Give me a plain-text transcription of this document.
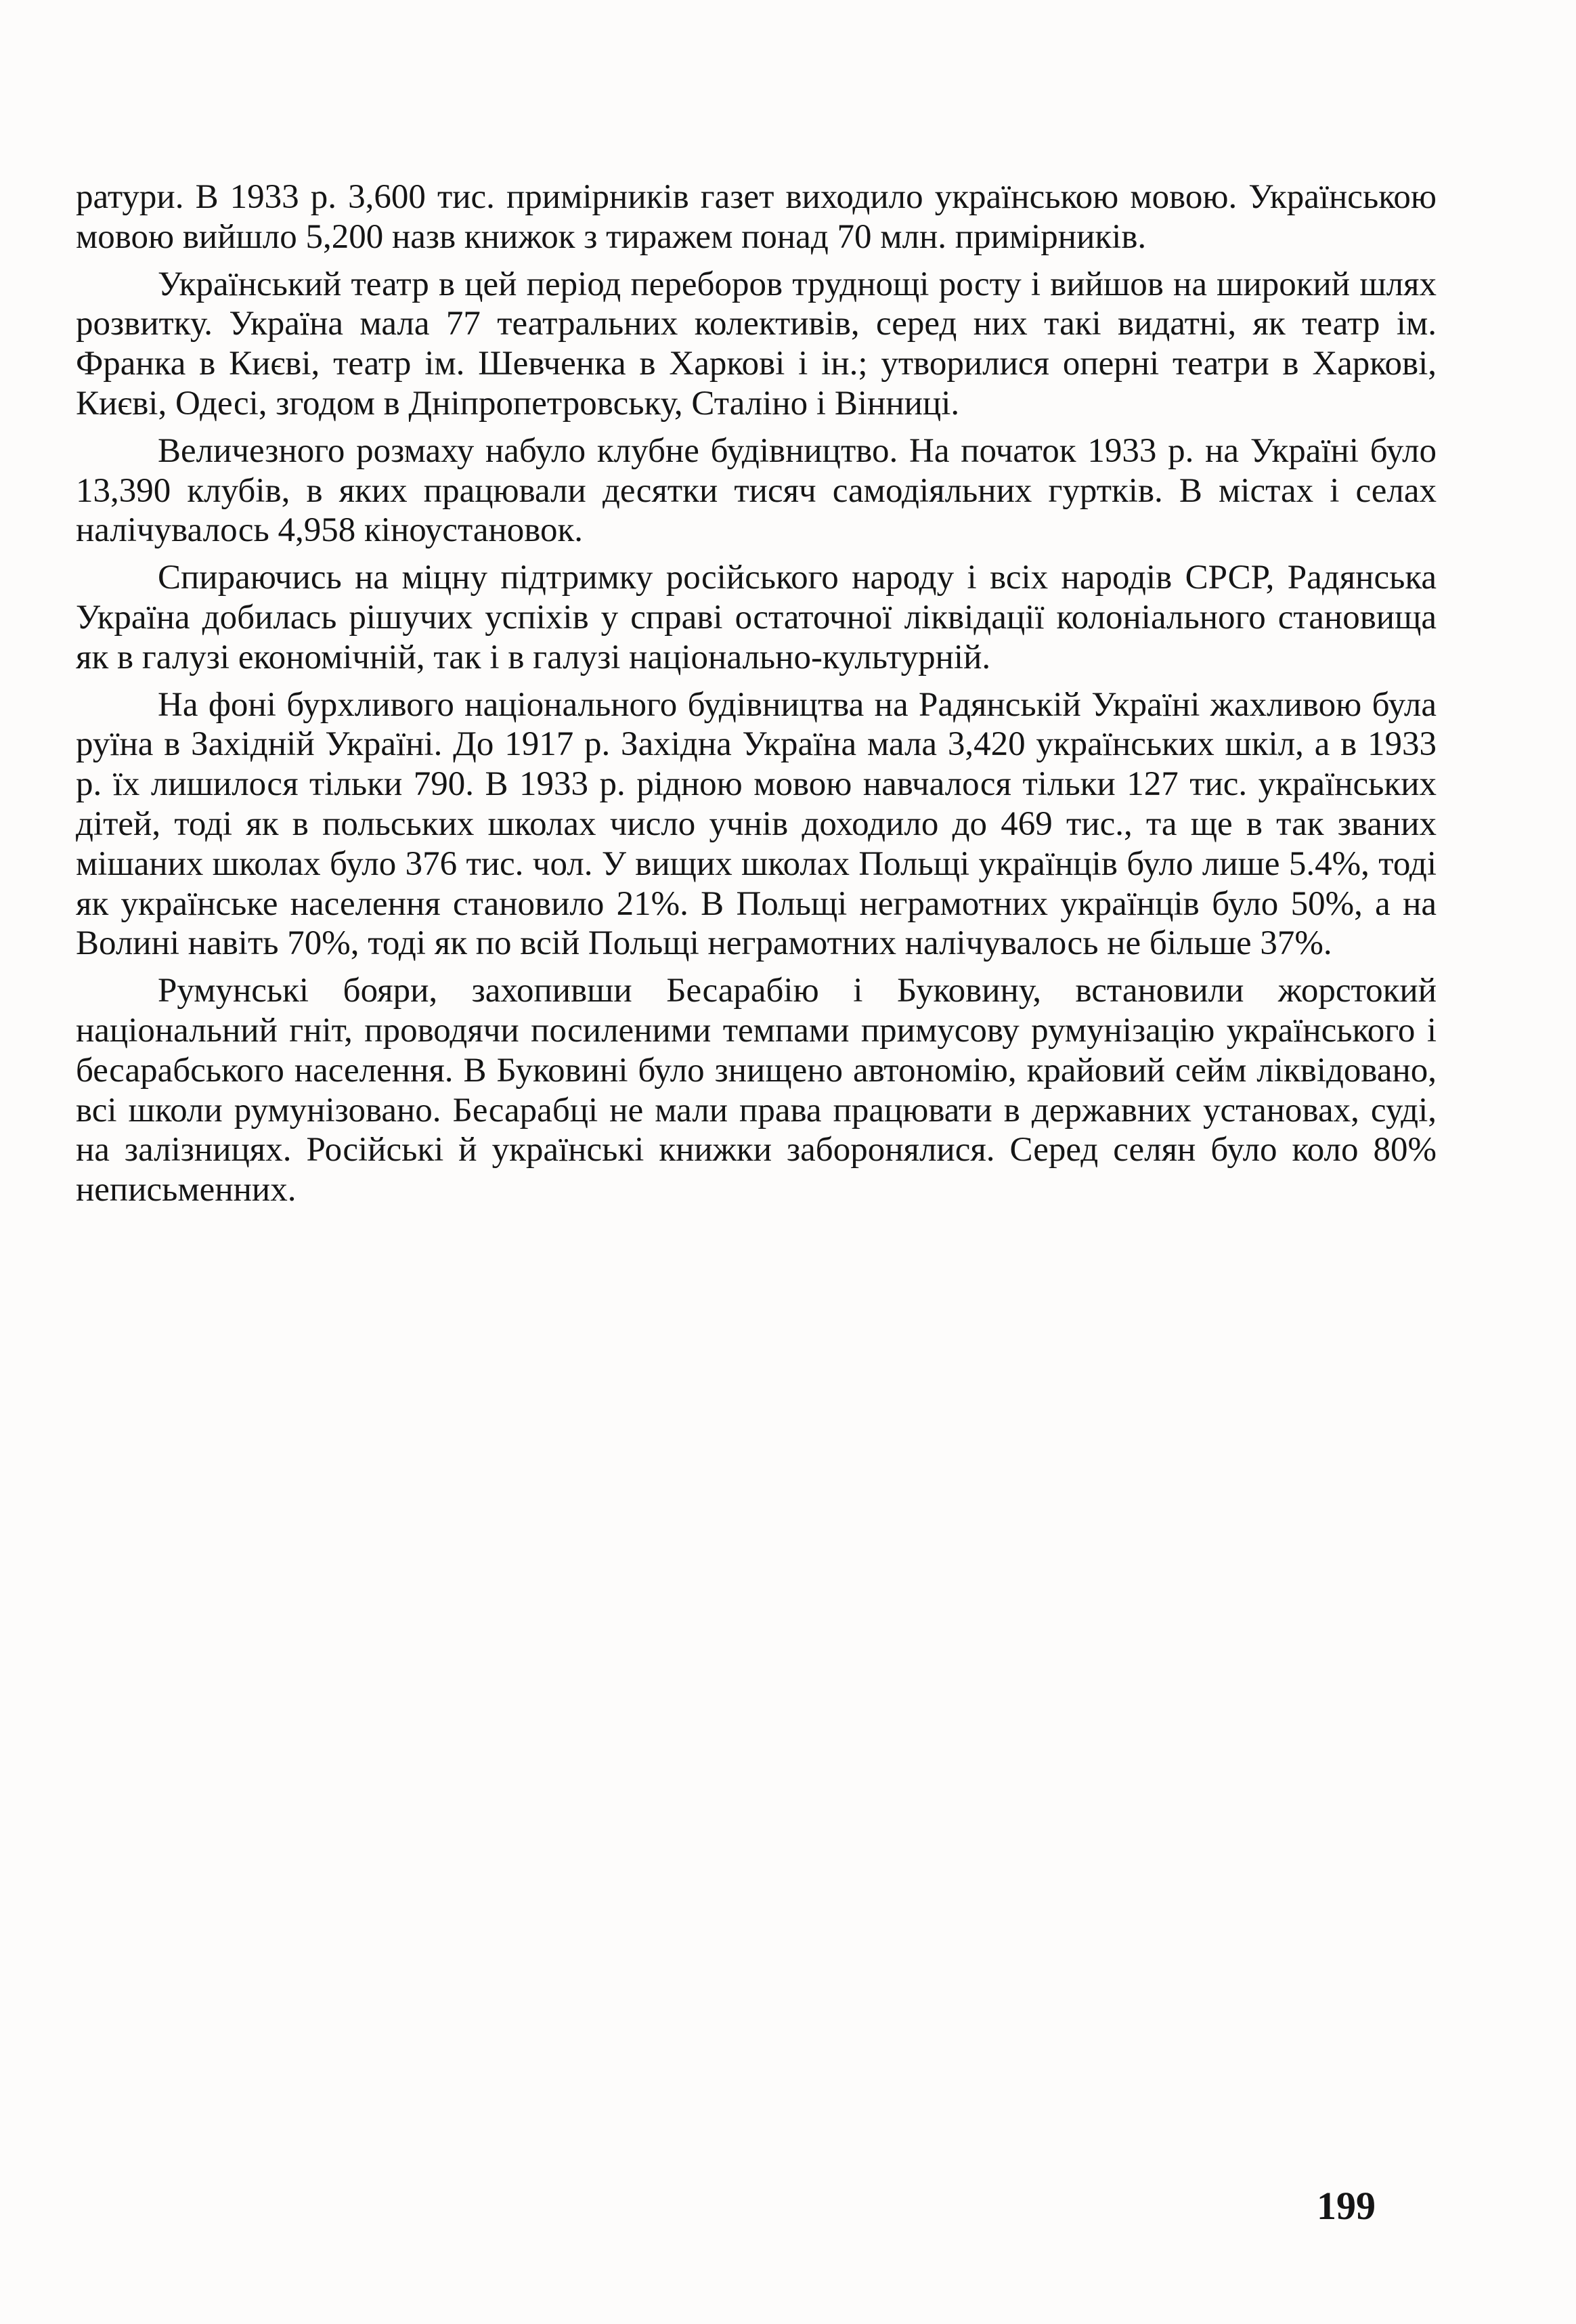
ратури. В 1933 р. 3,600 тис. примірників газет виходило українською мовою. Українською мовою вийшло 5,200 назв книжок з тиражем понад 70 млн. примірників.

Український театр в цей період переборов труднощі росту і вийшов на широкий шлях розвитку. Україна мала 77 театральних колективів, серед них такі видатні, як театр ім. Франка в Києві, театр ім. Шевченка в Харкові і ін.; утворилися оперні театри в Харкові, Києві, Одесі, згодом в Дніпропетровську, Сталіно і Вінниці.

Величезного розмаху набуло клубне будівництво. На початок 1933 р. на Україні було 13,390 клубів, в яких працювали десятки тисяч самодіяльних гуртків. В містах і селах налічувалось 4,958 кіноустановок.

Спираючись на міцну підтримку російського народу і всіх народів СРСР, Радянська Україна добилась рішучих успіхів у справі остаточної ліквідації колоніального становища як в галузі економічній, так і в галузі національно-культурній.

На фоні бурхливого національного будівництва на Радянській Україні жахливою була руїна в Західній Україні. До 1917 р. Західна Україна мала 3,420 українських шкіл, а в 1933 р. їх лишилося тільки 790. В 1933 р. рідною мовою навчалося тільки 127 тис. українських дітей, тоді як в польських школах число учнів доходило до 469 тис., та ще в так званих мішаних школах було 376 тис. чол. У вищих школах Польщі українців було лише 5.4%, тоді як українське населення становило 21%. В Польщі неграмотних українців було 50%, а на Волині навіть 70%, тоді як по всій Польщі неграмотних налічувалось не більше 37%.

Румунські бояри, захопивши Бесарабію і Буковину, встановили жорстокий національний гніт, проводячи посиленими темпами примусову румунізацію українського і бесарабського населення. В Буковині було знищено автономію, крайовий сейм ліквідовано, всі школи румунізовано. Бесарабці не мали права працювати в державних установах, суді, на залізницях. Російські й українські книжки заборонялися. Серед селян було коло 80% неписьменних.

199
